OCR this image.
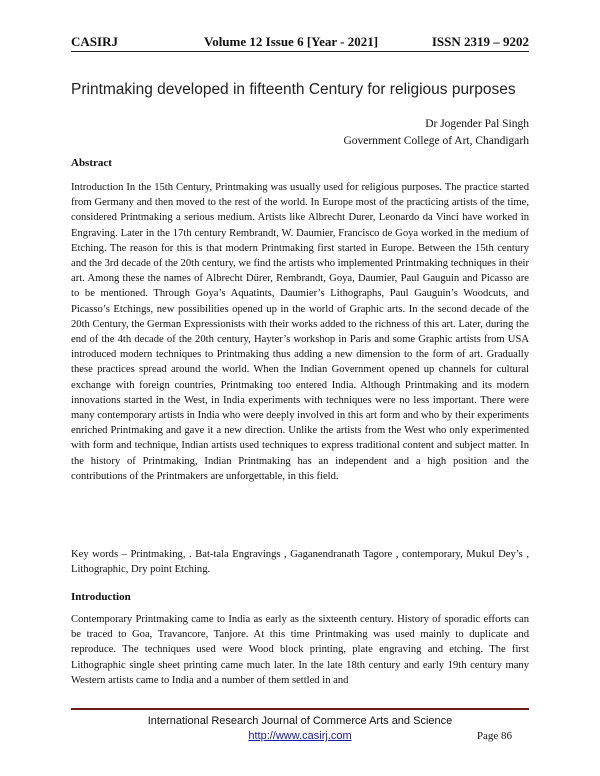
CASIRJ	Volume 12 Issue 6 [Year - 2021]	ISSN 2319 – 9202
Printmaking developed in fifteenth Century for religious purposes
Dr Jogender Pal Singh
Government College of Art, Chandigarh
Abstract
Introduction In the 15th Century, Printmaking was usually used for religious purposes. The practice started from Germany and then moved to the rest of the world. In Europe most of the practicing artists of the time, considered Printmaking a serious medium. Artists like Albrecht Durer, Leonardo da Vinci have worked in Engraving. Later in the 17th century Rembrandt, W. Daumier, Francisco de Goya worked in the medium of Etching. The reason for this is that modern Printmaking first started in Europe. Between the 15th century and the 3rd decade of the 20th century, we find the artists who implemented Printmaking techniques in their art. Among these the names of Albrecht Dürer, Rembrandt, Goya, Daumier, Paul Gauguin and Picasso are to be mentioned. Through Goya’s Aquatints, Daumier’s Lithographs, Paul Gauguin’s Woodcuts, and Picasso’s Etchings, new possibilities opened up in the world of Graphic arts. In the second decade of the 20th Century, the German Expressionists with their works added to the richness of this art. Later, during the end of the 4th decade of the 20th century, Hayter’s workshop in Paris and some Graphic artists from USA introduced modern techniques to Printmaking thus adding a new dimension to the form of art. Gradually these practices spread around the world. When the Indian Government opened up channels for cultural exchange with foreign countries, Printmaking too entered India. Although Printmaking and its modern innovations started in the West, in India experiments with techniques were no less important. There were many contemporary artists in India who were deeply involved in this art form and who by their experiments enriched Printmaking and gave it a new direction. Unlike the artists from the West who only experimented with form and technique, Indian artists used techniques to express traditional content and subject matter. In the history of Printmaking, Indian Printmaking has an independent and a high position and the contributions of the Printmakers are unforgettable, in this field.
Key words – Printmaking, . Bat-tala Engravings , Gaganendranath Tagore , contemporary, Mukul Dey’s , Lithographic, Dry point Etching.
Introduction
Contemporary Printmaking came to India as early as the sixteenth century. History of sporadic efforts can be traced to Goa, Travancore, Tanjore. At this time Printmaking was used mainly to duplicate and reproduce. The techniques used were Wood block printing, plate engraving and etching. The first Lithographic single sheet printing came much later. In the late 18th century and early 19th century many Western artists came to India and a number of them settled in and
International Research Journal of Commerce Arts and Science
http://www.casirj.com	Page 86
